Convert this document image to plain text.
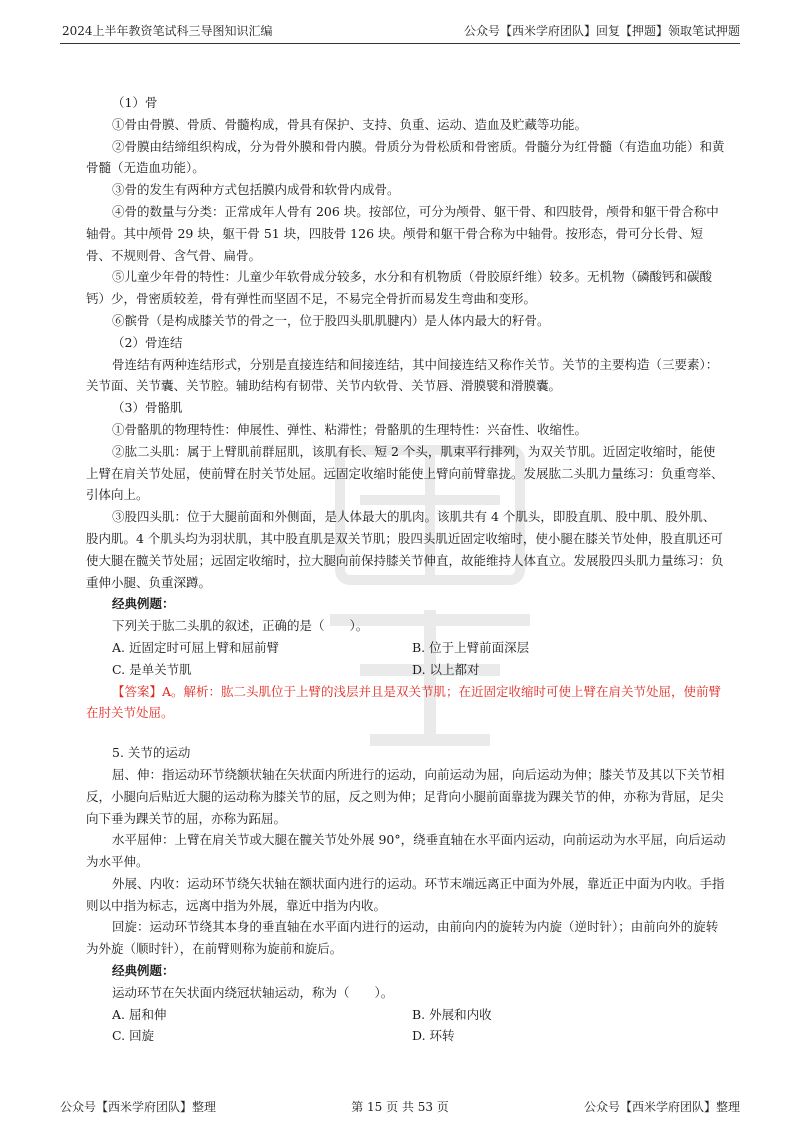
2024上半年教资笔试科三导图知识汇编	公众号【西米学府团队】回复【押题】领取笔试押题

（1）骨

①骨由骨膜、骨质、骨髓构成，骨具有保护、支持、负重、运动、造血及贮藏等功能。

②骨膜由结缔组织构成，分为骨外膜和骨内膜。骨质分为骨松质和骨密质。骨髓分为红骨髓（有造血功能）和黄骨髓（无造血功能）。

③骨的发生有两种方式包括膜内成骨和软骨内成骨。

④骨的数量与分类：正常成年人骨有 206 块。按部位，可分为颅骨、躯干骨、和四肢骨，颅骨和躯干骨合称中轴骨。其中颅骨 29 块，躯干骨 51 块，四肢骨 126 块。颅骨和躯干骨合称为中轴骨。按形态，骨可分长骨、短骨、不规则骨、含气骨、扁骨。

⑤儿童少年骨的特性：儿童少年软骨成分较多，水分和有机物质（骨胶原纤维）较多。无机物（磷酸钙和碳酸钙）少，骨密质较差，骨有弹性而坚固不足，不易完全骨折而易发生弯曲和变形。

⑥髌骨（是构成膝关节的骨之一，位于股四头肌肌腱内）是人体内最大的籽骨。

（2）骨连结

骨连结有两种连结形式，分别是直接连结和间接连结，其中间接连结又称作关节。关节的主要构造（三要素）：关节面、关节囊、关节腔。辅助结构有韧带、关节内软骨、关节唇、滑膜襞和滑膜囊。

（3）骨骼肌

①骨骼肌的物理特性：伸展性、弹性、粘滞性；骨骼肌的生理特性：兴奋性、收缩性。

②肱二头肌：属于上臂肌前群屈肌，该肌有长、短 2 个头，肌束平行排列，为双关节肌。近固定收缩时，能使上臂在肩关节处屈，使前臂在肘关节处屈。远固定收缩时能使上臂向前臂靠拢。发展肱二头肌力量练习：负重弯举、引体向上。

③股四头肌：位于大腿前面和外侧面，是人体最大的肌肉。该肌共有 4 个肌头，即股直肌、股中肌、股外肌、股内肌。4 个肌头均为羽状肌，其中股直肌是双关节肌；股四头肌近固定收缩时，使小腿在膝关节处伸，股直肌还可使大腿在髋关节处屈；远固定收缩时，拉大腿向前保持膝关节伸直，故能维持人体直立。发展股四头肌力量练习：负重伸小腿、负重深蹲。

经典例题：

下列关于肱二头肌的叙述，正确的是（　　）。

A. 近固定时可屈上臂和屈前臂	B. 位于上臂前面深层
C. 是单关节肌	D. 以上都对

【答案】A。解析：肱二头肌位于上臂的浅层并且是双关节肌；在近固定收缩时可使上臂在肩关节处屈，使前臂在肘关节处屈。

5. 关节的运动

屈、伸：指运动环节绕额状轴在矢状面内所进行的运动，向前运动为屈，向后运动为伸；膝关节及其以下关节相反，小腿向后贴近大腿的运动称为膝关节的屈，反之则为伸；足背向小腿前面靠拢为踝关节的伸，亦称为背屈，足尖向下垂为踝关节的屈，亦称为跖屈。

水平屈伸：上臂在肩关节或大腿在髋关节处外展 90°，绕垂直轴在水平面内运动，向前运动为水平屈，向后运动为水平伸。

外展、内收：运动环节绕矢状轴在额状面内进行的运动。环节末端远离正中面为外展，靠近正中面为内收。手指则以中指为标志，远离中指为外展，靠近中指为内收。

回旋：运动环节绕其本身的垂直轴在水平面内进行的运动，由前向内的旋转为内旋（逆时针）；由前向外的旋转为外旋（顺时针），在前臂则称为旋前和旋后。

经典例题：

运动环节在矢状面内绕冠状轴运动，称为（　　）。

A. 屈和伸	B. 外展和内收
C. 回旋	D. 环转
公众号【西米学府团队】整理	第 15 页 共 53 页	公众号【西米学府团队】整理
